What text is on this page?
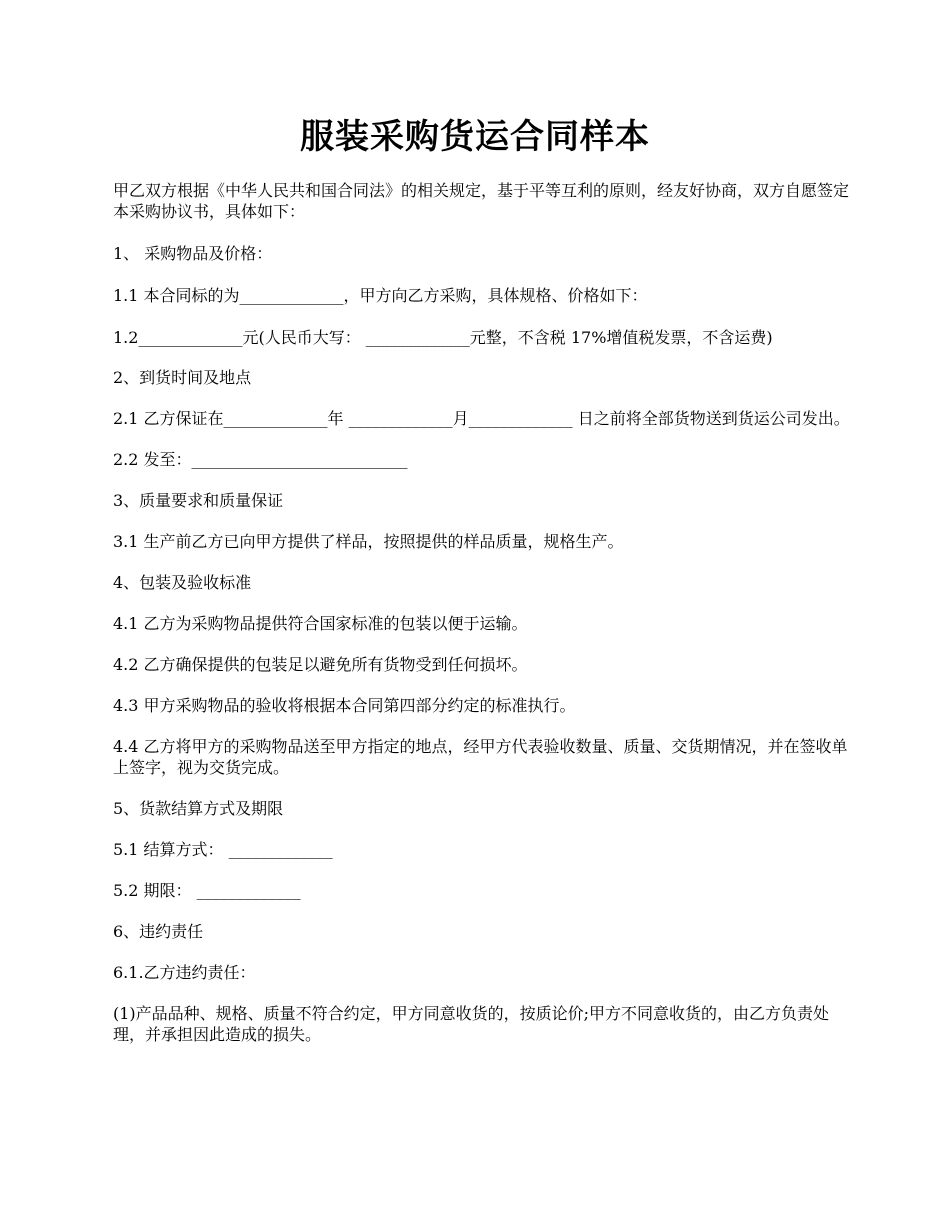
服装采购货运合同样本

甲乙双方根据《中华人民共和国合同法》的相关规定，基于平等互利的原则，经友好协商，双方自愿签定本采购协议书，具体如下：

1、 采购物品及价格：

1.1 本合同标的为_____________，甲方向乙方采购，具体规格、价格如下：

1.2_____________元(人民币大写： _____________元整，不含税 17%增值税发票，不含运费)

2、到货时间及地点

2.1 乙方保证在_____________年 _____________月_____________ 日之前将全部货物送到货运公司发出。

2.2 发至：___________________________

3、质量要求和质量保证

3.1 生产前乙方已向甲方提供了样品，按照提供的样品质量，规格生产。

4、包装及验收标准

4.1 乙方为采购物品提供符合国家标准的包装以便于运输。

4.2 乙方确保提供的包装足以避免所有货物受到任何损坏。

4.3 甲方采购物品的验收将根据本合同第四部分约定的标准执行。

4.4 乙方将甲方的采购物品送至甲方指定的地点，经甲方代表验收数量、质量、交货期情况，并在签收单上签字，视为交货完成。

5、货款结算方式及期限

5.1 结算方式： _____________

5.2 期限： _____________

6、违约责任

6.1.乙方违约责任：

(1)产品品种、规格、质量不符合约定，甲方同意收货的，按质论价;甲方不同意收货的，由乙方负责处理，并承担因此造成的损失。
